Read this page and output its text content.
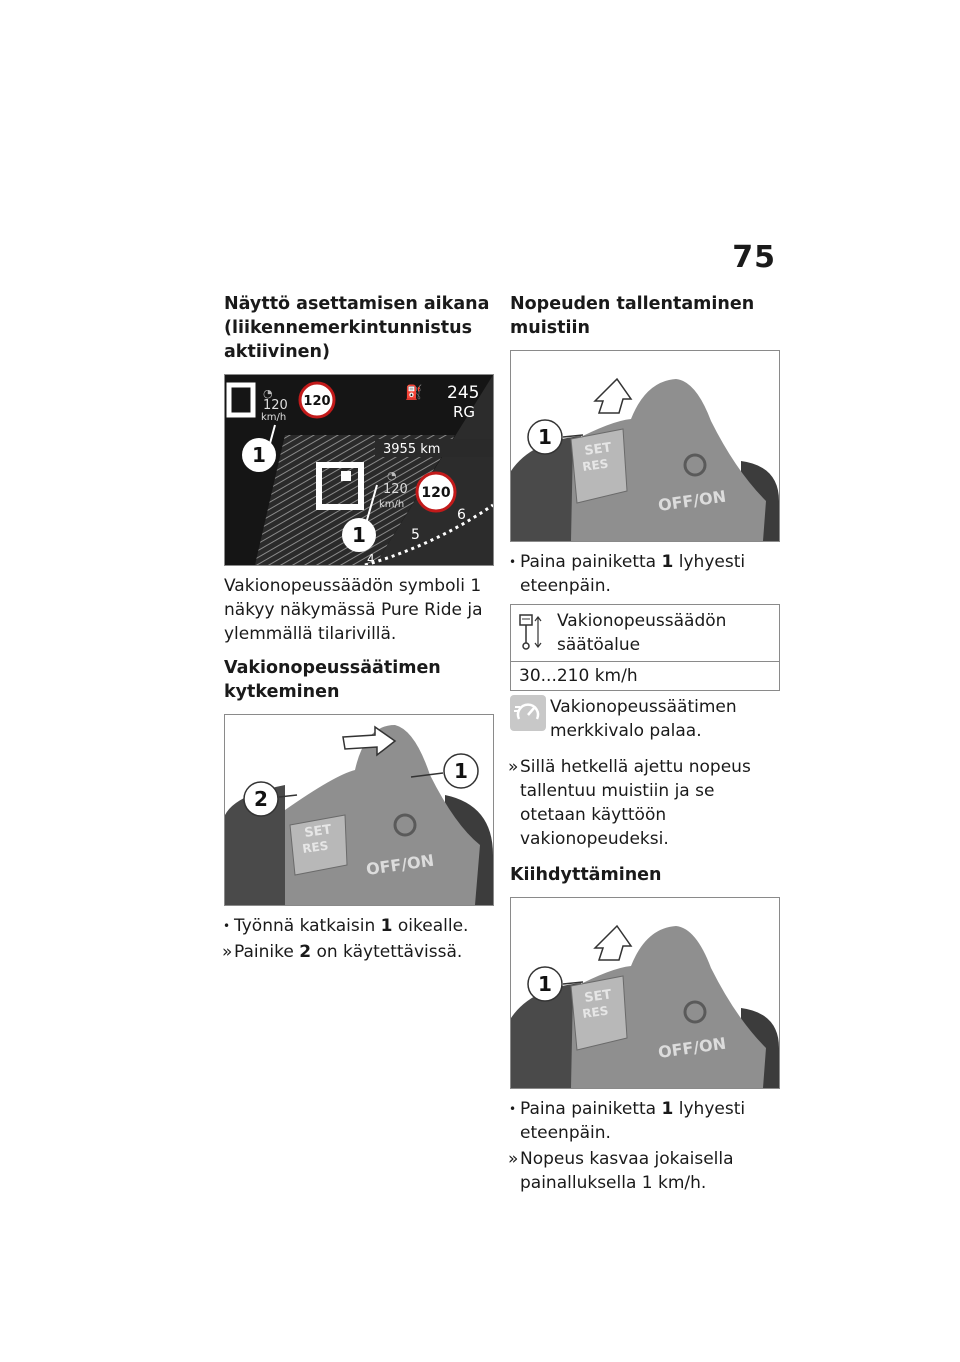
75
Näyttö asettamisen aikana (liikennemerkintunnistus aktiivinen)
◔
120
km/h
120
⛽ 245
RG
3955 km
1
◔
120
km/h
120
1	5
6
4

Vakionopeussäädön symboli 1 näkyy näkymässä Pure Ride ja ylemmällä tilarivillä.

Vakionopeussäätimen kytkeminen
SET
RES
OFF/ON
2
1
• Työnnä katkaisin 1 oikealle.
» Painike 2 on käytettävissä.
Nopeuden tallentaminen muistiin
SET
RES
OFF/ON
1
• Paina painiketta 1 lyhyesti eteenpäin.
Vakionopeussäädön säätöalue
30...210 km/h
Vakionopeussäätimen merkkivalo palaa.
» Sillä hetkellä ajettu nopeus tallentuu muistiin ja se otetaan käyttöön vakionopeudeksi.
Kiihdyttäminen
SET
RES
OFF/ON
1
• Paina painiketta 1 lyhyesti eteenpäin.
» Nopeus kasvaa jokaisella painalluksella 1 km/h.
